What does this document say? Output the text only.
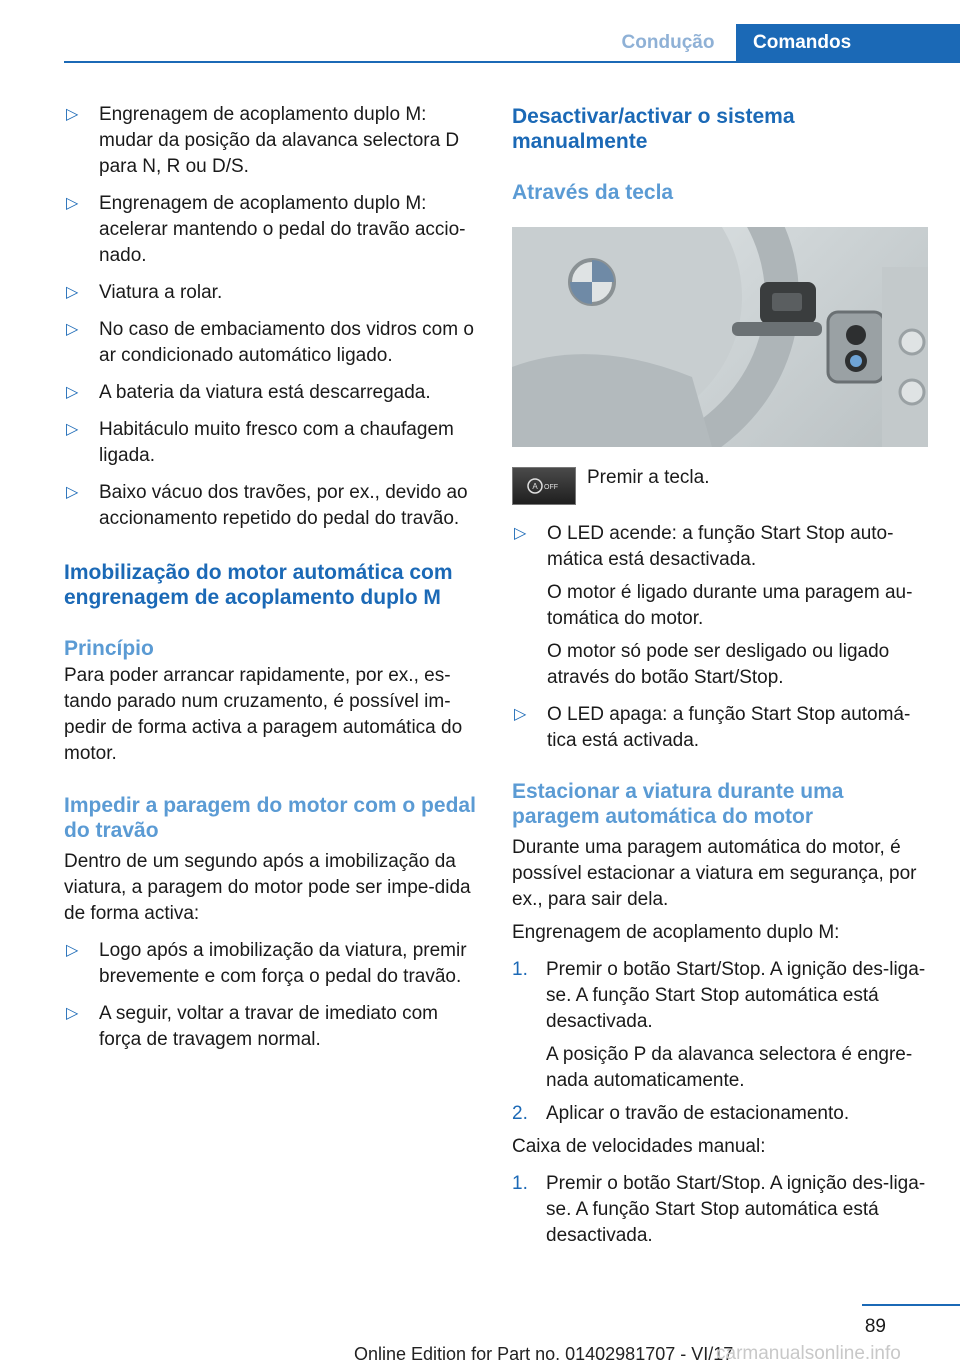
Condução	Comandos
▷ Engrenagem de acoplamento duplo M: mudar da posição da alavanca selectora D para N, R ou D/S.

▷ Engrenagem de acoplamento duplo M: acelerar mantendo o pedal do travão accio-nado.

▷ Viatura a rolar.

▷ No caso de embaciamento dos vidros com o ar condicionado automático ligado.

▷ A bateria da viatura está descarregada.

▷ Habitáculo muito fresco com a chaufagem ligada.

▷ Baixo vácuo dos travões, por ex., devido ao accionamento repetido do pedal do travão.

Imobilização do motor automática com engrenagem de acoplamento duplo M
Princípio

Para poder arrancar rapidamente, por ex., es-tando parado num cruzamento, é possível im-pedir de forma activa a paragem automática do motor.

Impedir a paragem do motor com o pedal do travão

Dentro de um segundo após a imobilização da viatura, a paragem do motor pode ser impe-dida de forma activa:

▷ Logo após a imobilização da viatura, premir brevemente e com força o pedal do travão.

▷ A seguir, voltar a travar de imediato com força de travagem normal.

Desactivar/activar o sistema manualmente
Através da tecla
A OFF Premir a tecla.
▷ O LED acende: a função Start Stop auto-mática está desactivada.

O motor é ligado durante uma paragem au-tomática do motor.

O motor só pode ser desligado ou ligado através do botão Start/Stop.

▷ O LED apaga: a função Start Stop automá-tica está activada.

Estacionar a viatura durante uma paragem automática do motor

Durante uma paragem automática do motor, é possível estacionar a viatura em segurança, por ex., para sair dela.

Engrenagem de acoplamento duplo M:

1. Premir o botão Start/Stop. A ignição des-liga-se. A função Start Stop automática está desactivada.

A posição P da alavanca selectora é engre-nada automaticamente.

2. Aplicar o travão de estacionamento.

Caixa de velocidades manual:

1. Premir o botão Start/Stop. A ignição des-liga-se. A função Start Stop automática está desactivada.

89
Online Edition for Part no. 01402981707 - VI/17
carmanualsonline.info
